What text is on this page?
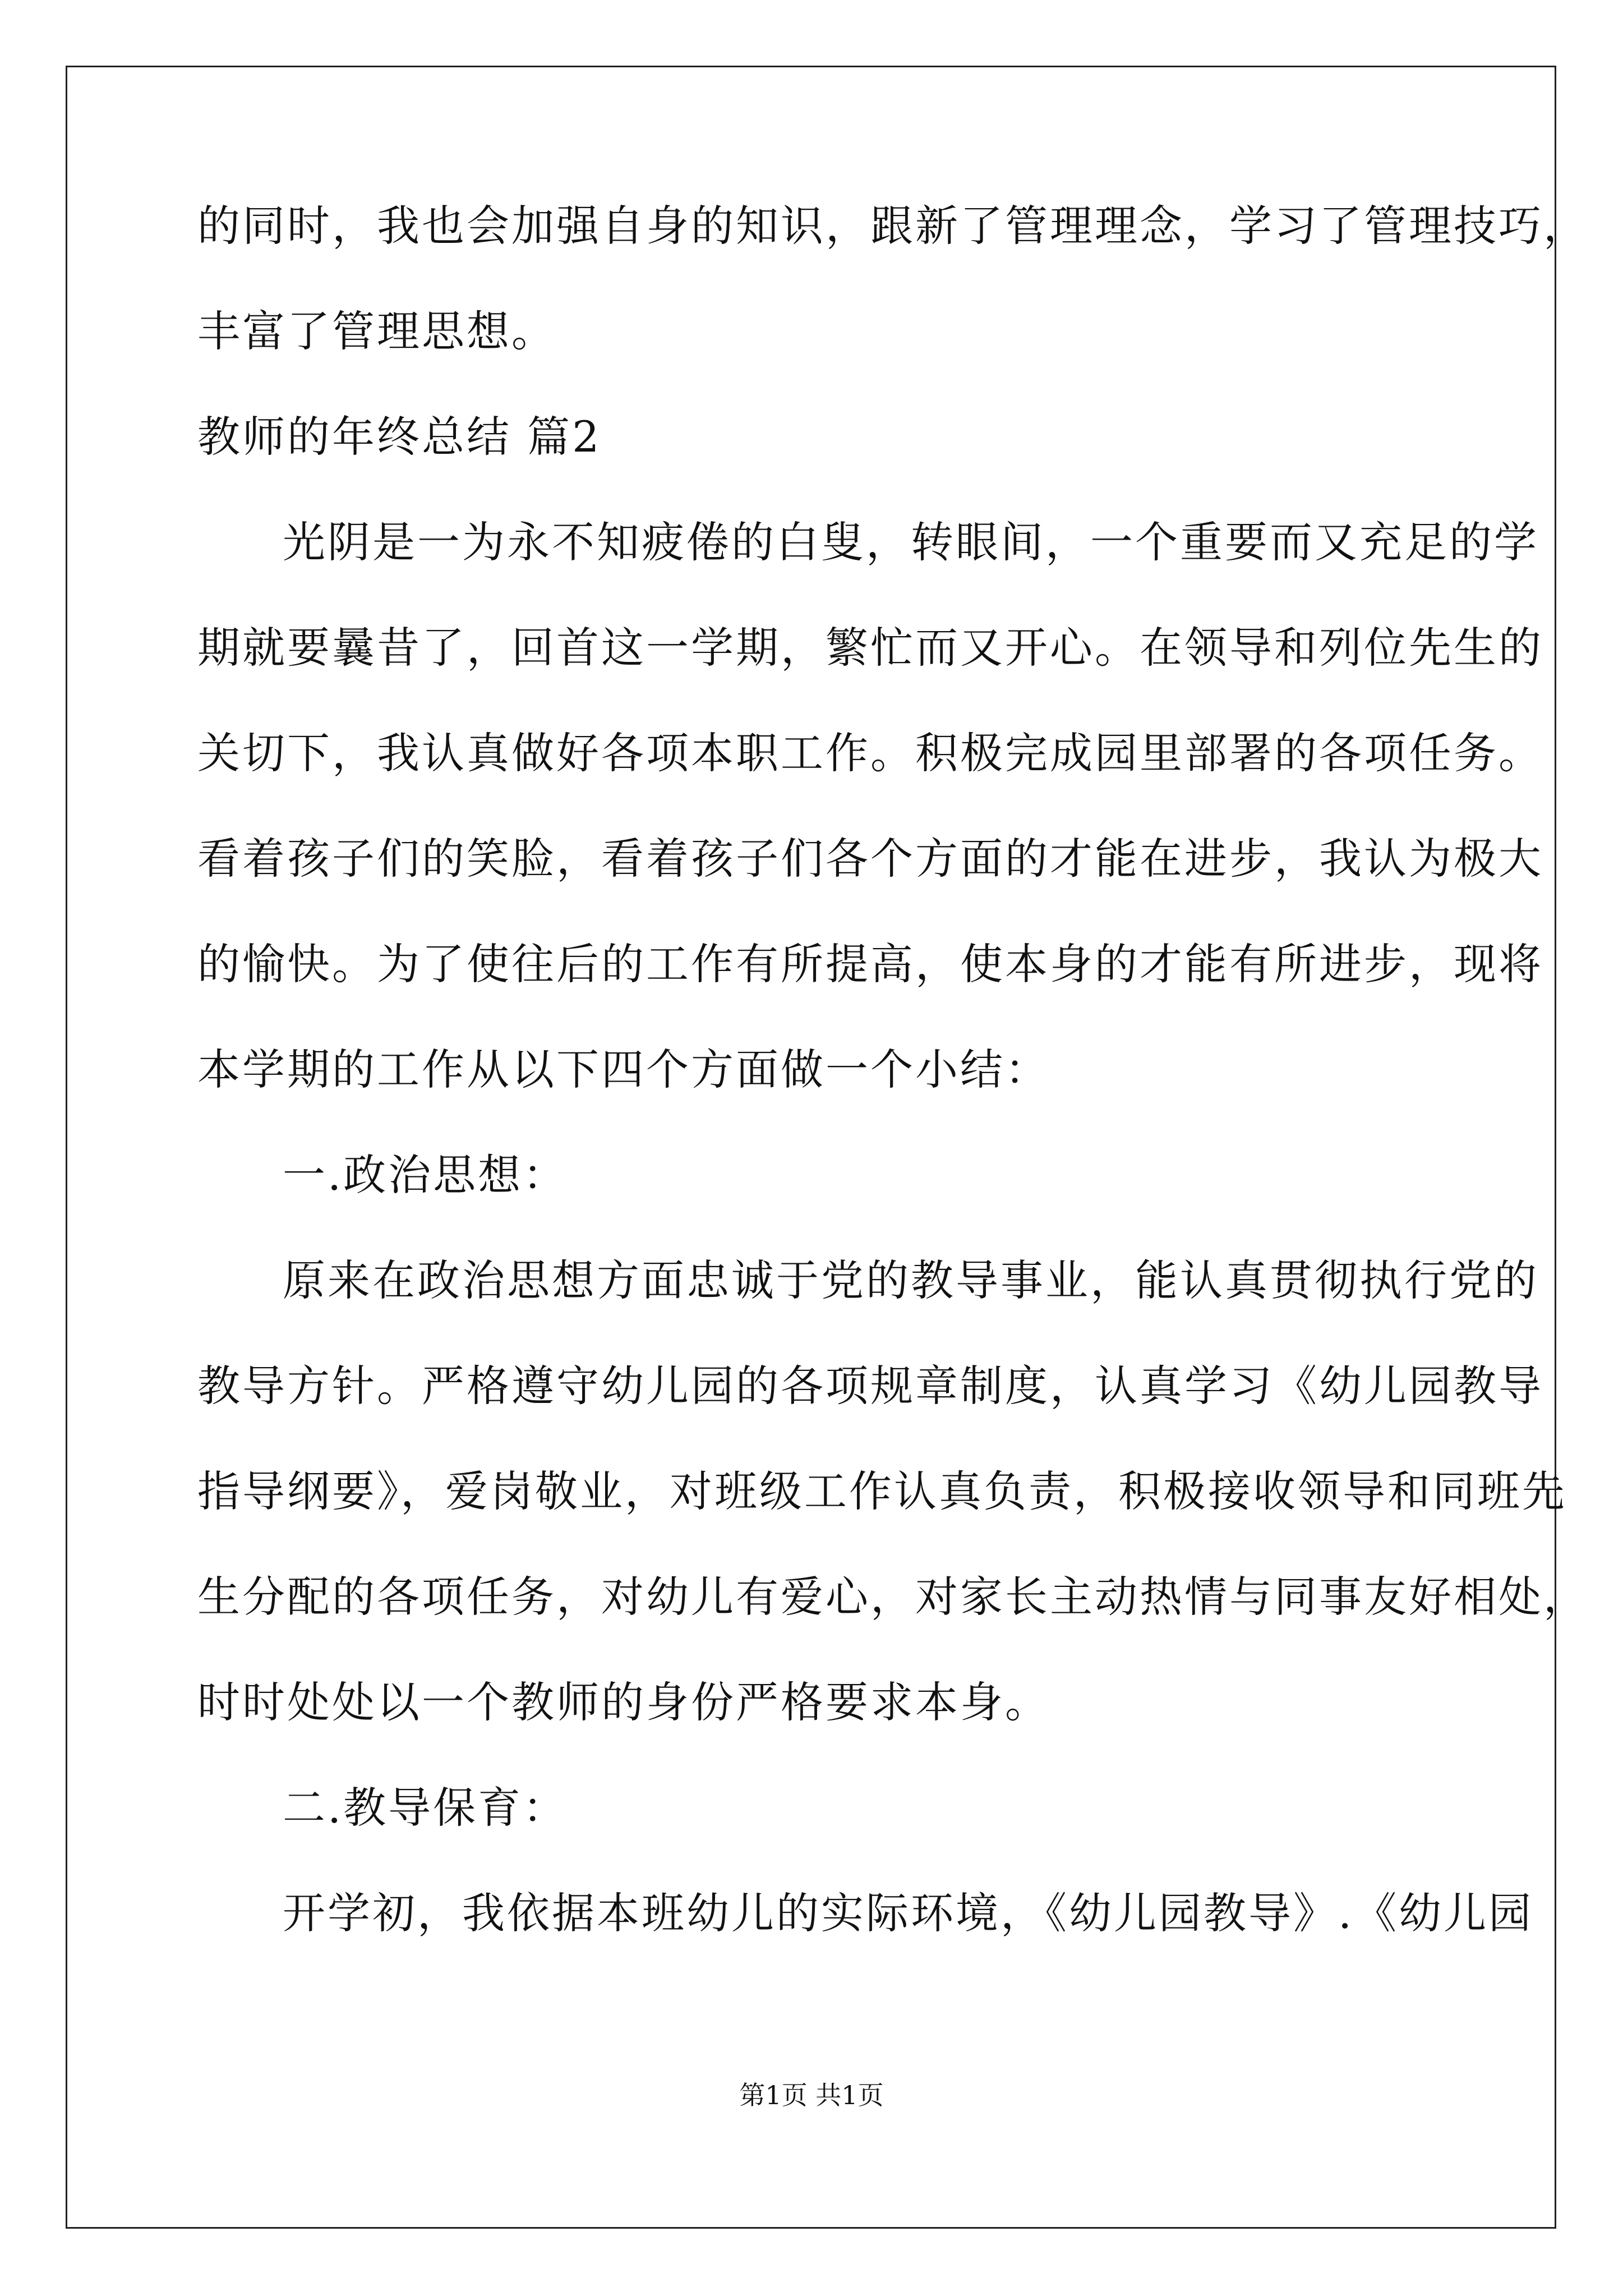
的同时，我也会加强自身的知识，跟新了管理理念，学习了管理技巧，
丰富了管理思想。
教师的年终总结 篇2
光阴是一为永不知疲倦的白叟，转眼间，一个重要而又充足的学
期就要曩昔了，回首这一学期，繁忙而又开心。在领导和列位先生的
关切下，我认真做好各项本职工作。积极完成园里部署的各项任务。
看着孩子们的笑脸，看着孩子们各个方面的才能在进步，我认为极大
的愉快。为了使往后的工作有所提高，使本身的才能有所进步，现将
本学期的工作从以下四个方面做一个小结：
一.政治思想：
原来在政治思想方面忠诚于党的教导事业，能认真贯彻执行党的
教导方针。严格遵守幼儿园的各项规章制度，认真学习《幼儿园教导
指导纲要》，爱岗敬业，对班级工作认真负责，积极接收领导和同班先
生分配的各项任务，对幼儿有爱心，对家长主动热情与同事友好相处，
时时处处以一个教师的身份严格要求本身。
二.教导保育：
开学初，我依据本班幼儿的实际环境，《幼儿园教导》.《幼儿园
第1页 共1页
